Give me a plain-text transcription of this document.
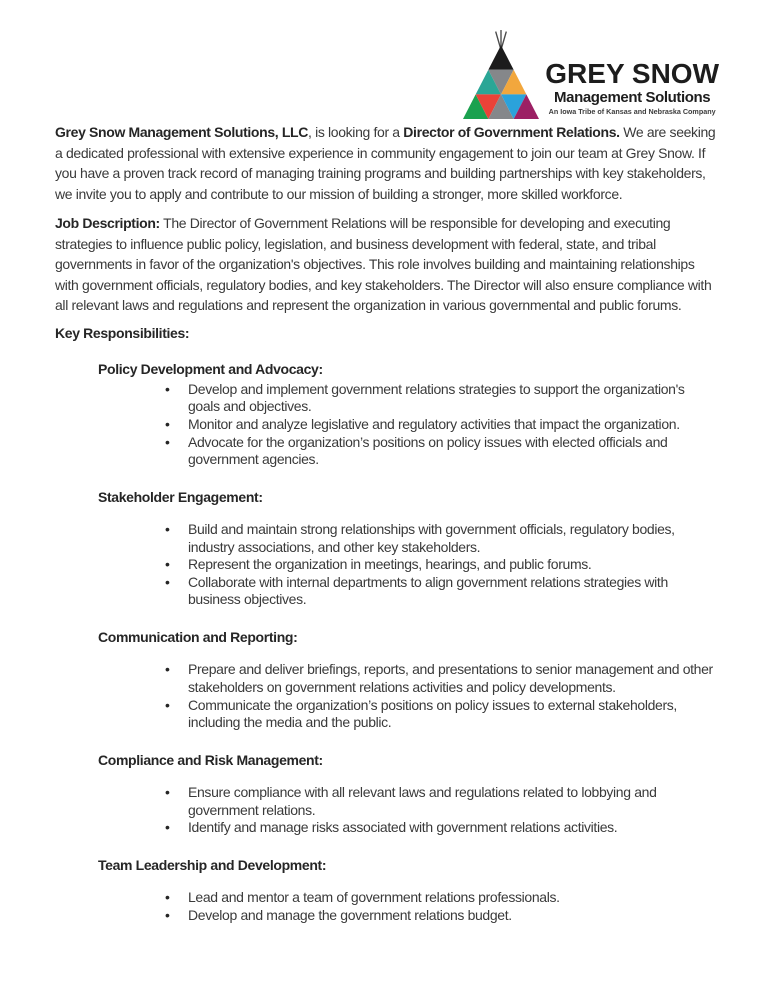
GREY SNOW
Management Solutions
An Iowa Tribe of Kansas and Nebraska Company

Grey Snow Management Solutions, LLC, is looking for a Director of Government Relations. We are seeking a dedicated professional with extensive experience in community engagement to join our team at Grey Snow. If you have a proven track record of managing training programs and building partnerships with key stakeholders, we invite you to apply and contribute to our mission of building a stronger, more skilled workforce.

Job Description: The Director of Government Relations will be responsible for developing and executing strategies to influence public policy, legislation, and business development with federal, state, and tribal governments in favor of the organization's objectives. This role involves building and maintaining relationships with government officials, regulatory bodies, and key stakeholders. The Director will also ensure compliance with all relevant laws and regulations and represent the organization in various governmental and public forums.

Key Responsibilities:
Policy Development and Advocacy:
• Develop and implement government relations strategies to support the organization's goals and objectives.
• Monitor and analyze legislative and regulatory activities that impact the organization.
• Advocate for the organization’s positions on policy issues with elected officials and government agencies.
Stakeholder Engagement:
• Build and maintain strong relationships with government officials, regulatory bodies, industry associations, and other key stakeholders.
• Represent the organization in meetings, hearings, and public forums.
• Collaborate with internal departments to align government relations strategies with business objectives.
Communication and Reporting:
• Prepare and deliver briefings, reports, and presentations to senior management and other stakeholders on government relations activities and policy developments.
• Communicate the organization’s positions on policy issues to external stakeholders, including the media and the public.
Compliance and Risk Management:
• Ensure compliance with all relevant laws and regulations related to lobbying and government relations.
• Identify and manage risks associated with government relations activities.
Team Leadership and Development:
• Lead and mentor a team of government relations professionals.
• Develop and manage the government relations budget.
